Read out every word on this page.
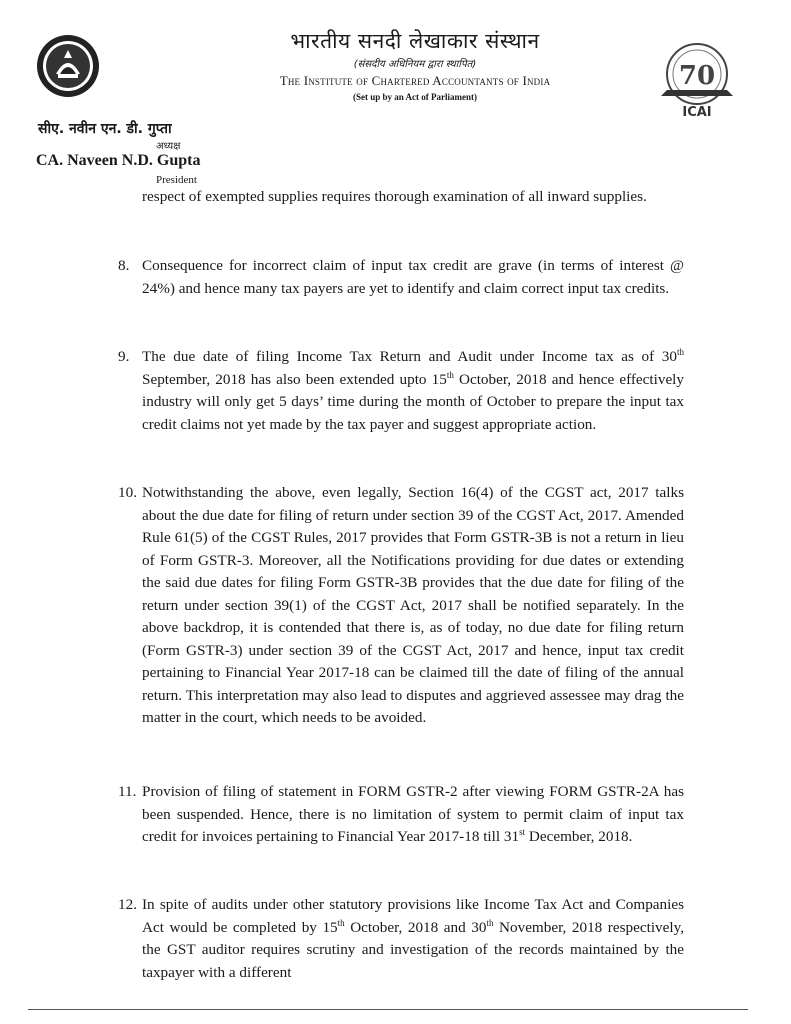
70
ICAI
भारतीय सनदी लेखाकार संस्थान
(संसदीय अधिनियम द्वारा स्थापित)
The Institute of Chartered Accountants of India
(Set up by an Act of Parliament)
सीए. नवीन एन. डी. गुप्ता
अध्यक्ष
CA. Naveen N.D. Gupta
President
respect of exempted supplies requires thorough examination of all inward supplies.
8. Consequence for incorrect claim of input tax credit are grave (in terms of interest @ 24%) and hence many tax payers are yet to identify and claim correct input tax credits.
9. The due date of filing Income Tax Return and Audit under Income tax as of 30th September, 2018 has also been extended upto 15th October, 2018 and hence effectively industry will only get 5 days’ time during the month of October to prepare the input tax credit claims not yet made by the tax payer and suggest appropriate action.
10. Notwithstanding the above, even legally, Section 16(4) of the CGST act, 2017 talks about the due date for filing of return under section 39 of the CGST Act, 2017. Amended Rule 61(5) of the CGST Rules, 2017 provides that Form GSTR-3B is not a return in lieu of Form GSTR-3. Moreover, all the Notifications providing for due dates or extending the said due dates for filing Form GSTR-3B provides that the due date for filing of the return under section 39(1) of the CGST Act, 2017 shall be notified separately. In the above backdrop, it is contended that there is, as of today, no due date for filing return (Form GSTR-3) under section 39 of the CGST Act, 2017 and hence, input tax credit pertaining to Financial Year 2017-18 can be claimed till the date of filing of the annual return. This interpretation may also lead to disputes and aggrieved assessee may drag the matter in the court, which needs to be avoided.
11. Provision of filing of statement in FORM GSTR-2 after viewing FORM GSTR-2A has been suspended. Hence, there is no limitation of system to permit claim of input tax credit for invoices pertaining to Financial Year 2017-18 till 31st December, 2018.
12. In spite of audits under other statutory provisions like Income Tax Act and Companies Act would be completed by 15th October, 2018 and 30th November, 2018 respectively, the GST auditor requires scrutiny and investigation of the records maintained by the taxpayer with a different
